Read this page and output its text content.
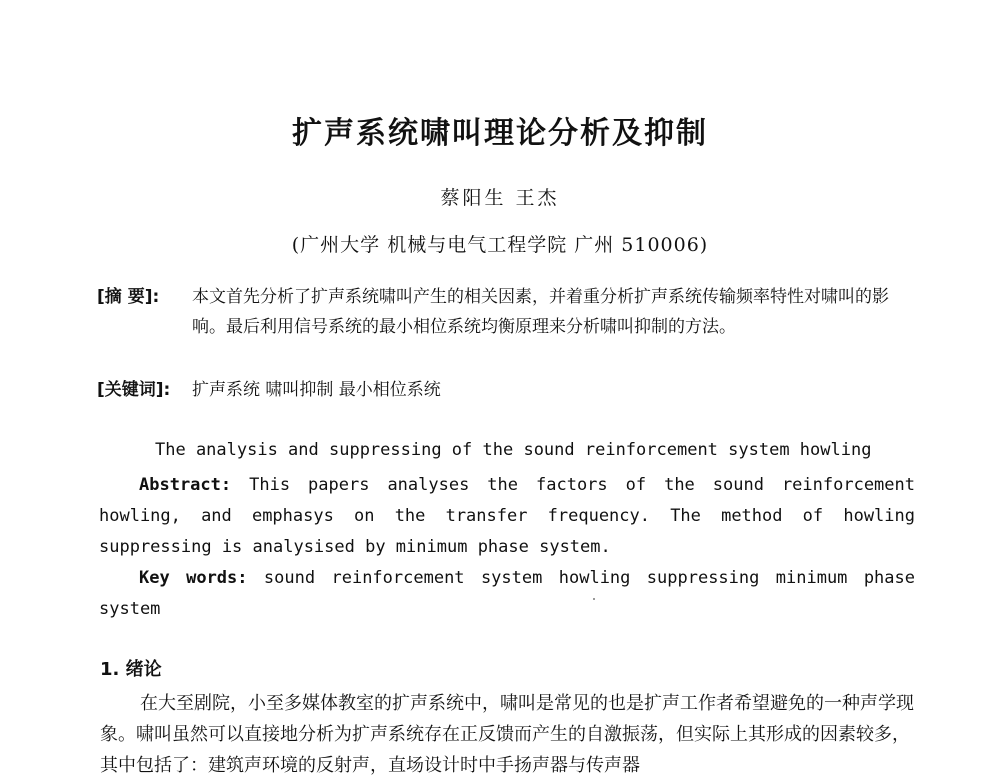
扩声系统啸叫理论分析及抑制
蔡阳生 王杰
(广州大学 机械与电气工程学院 广州 510006)
[摘 要]: 本文首先分析了扩声系统啸叫产生的相关因素，并着重分析扩声系统传输频率特性对啸叫的影响。最后利用信号系统的最小相位系统均衡原理来分析啸叫抑制的方法。
[关键词]: 扩声系统 啸叫抑制 最小相位系统
The analysis and suppressing of the sound reinforcement system howling
Abstract: This papers analyses the factors of the sound reinforcement howling, and emphasys on the transfer frequency. The method of howling suppressing is analysised by minimum phase system.
Key words: sound reinforcement system howling suppressing minimum phase system
1. 绪论
在大至剧院，小至多媒体教室的扩声系统中，啸叫是常见的也是扩声工作者希望避免的一种声学现象。啸叫虽然可以直接地分析为扩声系统存在正反馈而产生的自激振荡，但实际上其形成的因素较多，其中包括了：建筑声环境的反射声，直场设计时中手扬声器与传声器
